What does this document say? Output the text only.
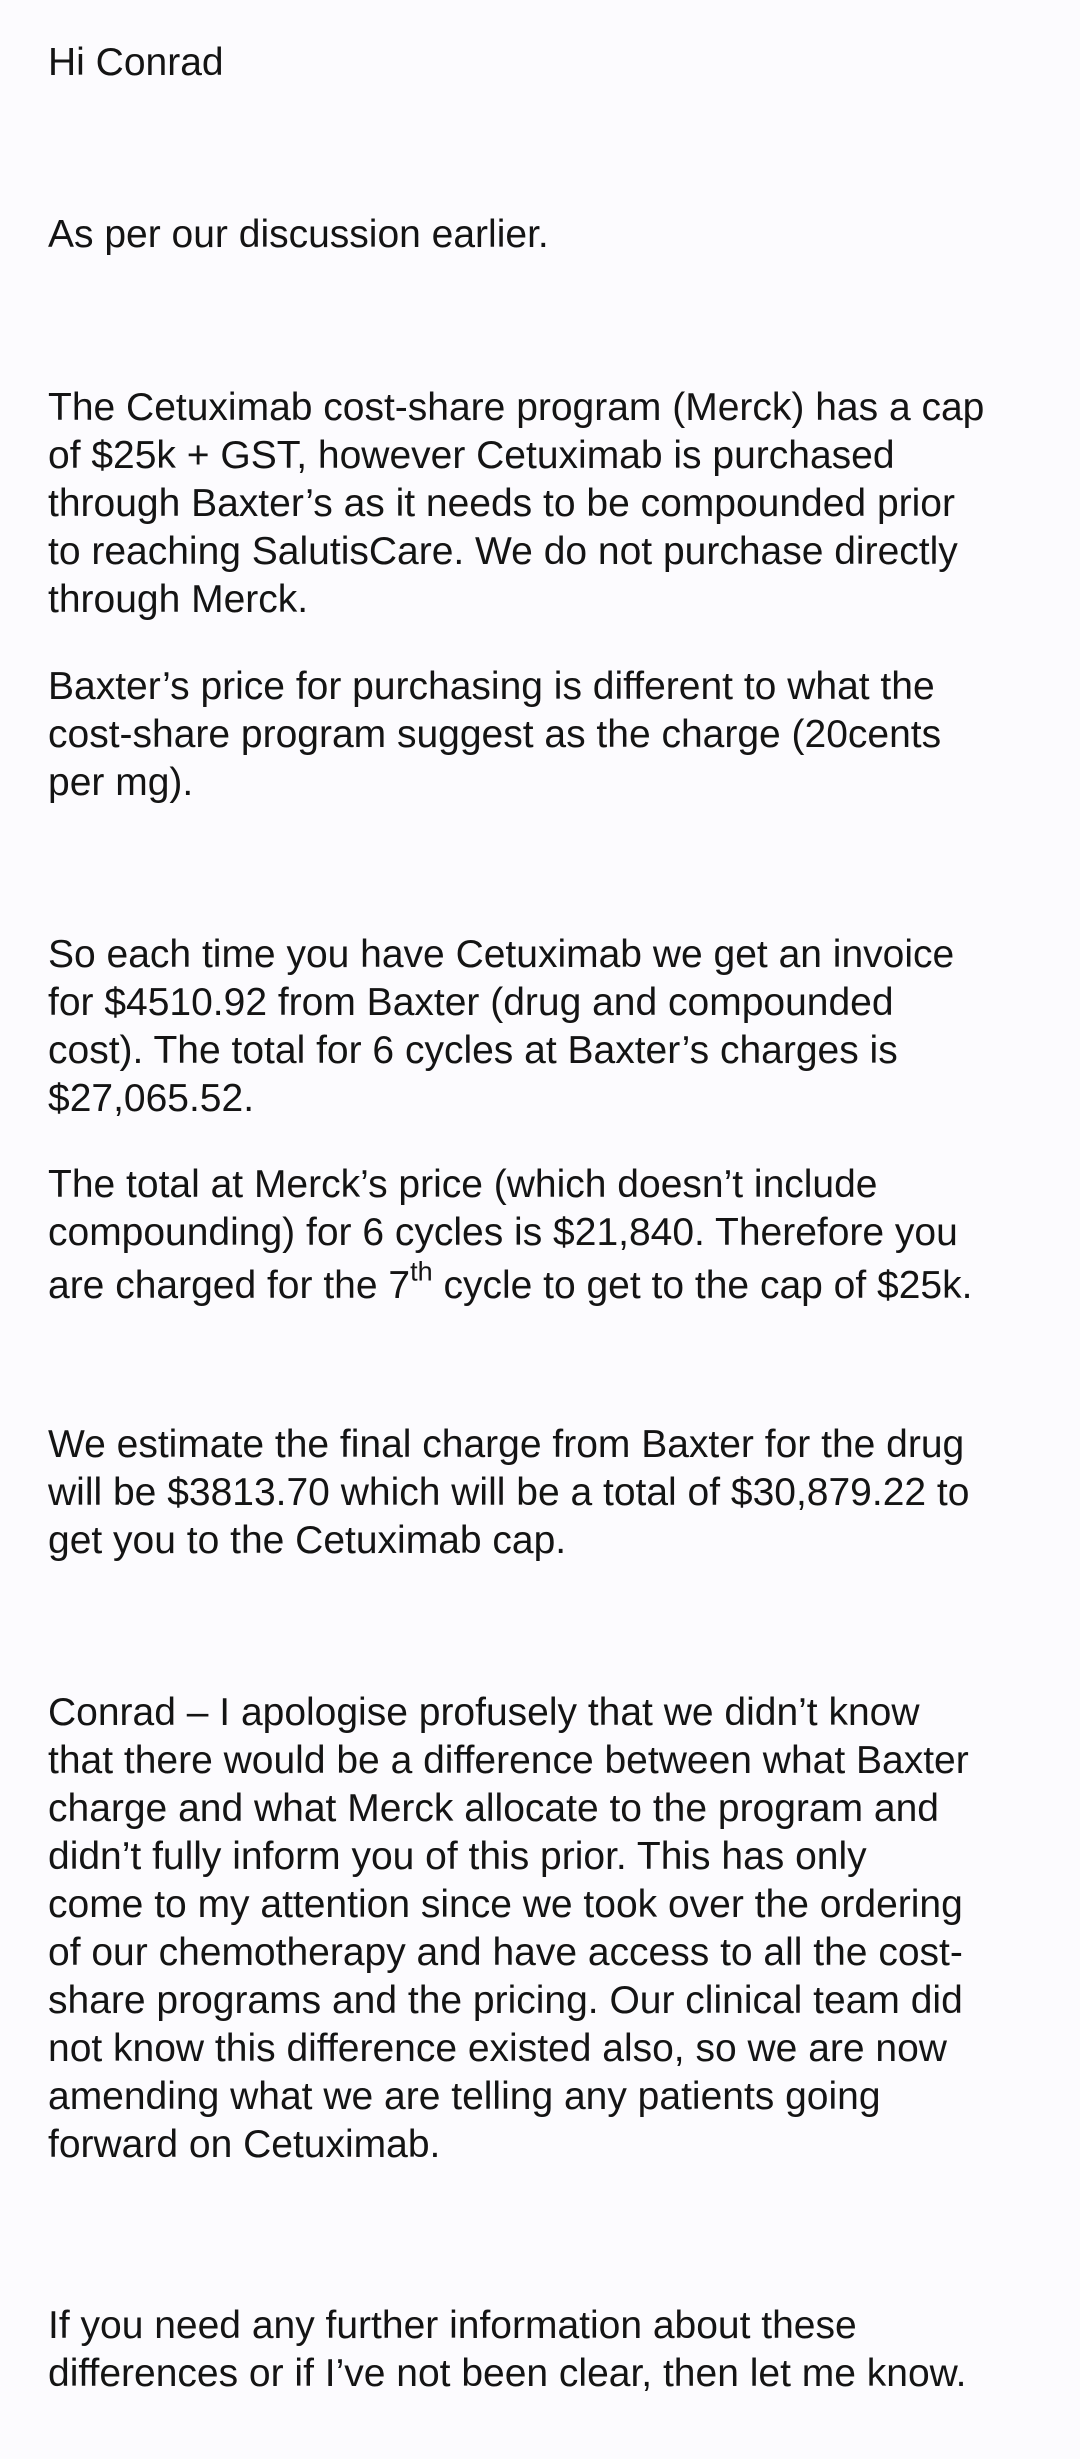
Hi Conrad

As per our discussion earlier.

The Cetuximab cost-share program (Merck) has a cap
of $25k + GST, however Cetuximab is purchased
through Baxter’s as it needs to be compounded prior
to reaching SalutisCare. We do not purchase directly
through Merck.

Baxter’s price for purchasing is different to what the
cost-share program suggest as the charge (20cents
per mg).

So each time you have Cetuximab we get an invoice
for $4510.92 from Baxter (drug and compounded
cost). The total for 6 cycles at Baxter’s charges is
$27,065.52.

The total at Merck’s price (which doesn’t include
compounding) for 6 cycles is $21,840. Therefore you
are charged for the 7th cycle to get to the cap of $25k.

We estimate the final charge from Baxter for the drug
will be $3813.70 which will be a total of $30,879.22 to
get you to the Cetuximab cap.

Conrad – I apologise profusely that we didn’t know
that there would be a difference between what Baxter
charge and what Merck allocate to the program and
didn’t fully inform you of this prior. This has only
come to my attention since we took over the ordering
of our chemotherapy and have access to all the cost-
share programs and the pricing. Our clinical team did
not know this difference existed also, so we are now
amending what we are telling any patients going
forward on Cetuximab.

If you need any further information about these
differences or if I’ve not been clear, then let me know.
